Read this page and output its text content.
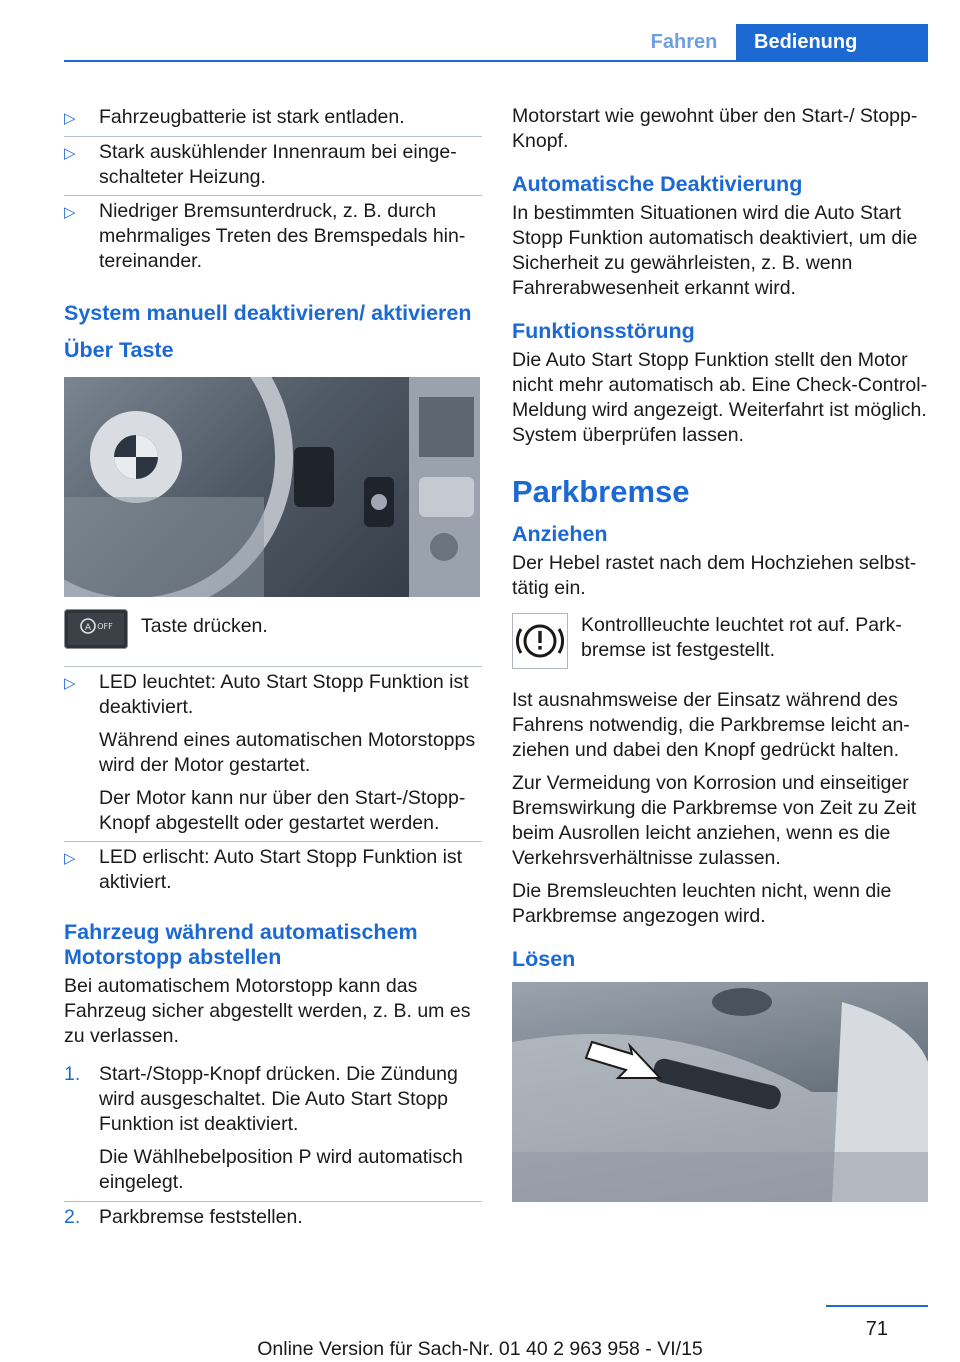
Fahren	Bedienung
▷	Fahrzeugbatterie ist stark entladen.

▷	Stark auskühlender Innenraum bei eingeschalteter Heizung.

▷	Niedriger Bremsunterdruck, z. B. durch mehrmaliges Treten des Bremspedals hintereinander.

System manuell deaktivieren/ aktivieren
Über Taste
A OFF	Taste drücken.
▷	LED leuchtet: Auto Start Stopp Funktion ist deaktiviert.

Während eines automatischen Motorstopps wird der Motor gestartet.

Der Motor kann nur über den Start-/Stopp-Knopf abgestellt oder gestartet werden.

▷	LED erlischt: Auto Start Stopp Funktion ist aktiviert.

Fahrzeug während automatischem Motorstopp abstellen

Bei automatischem Motorstopp kann das Fahrzeug sicher abgestellt werden, z. B. um es zu verlassen.

1. Start-/Stopp-Knopf drücken. Die Zündung wird ausgeschaltet. Die Auto Start Stopp Funktion ist deaktiviert.

Die Wählhebelposition P wird automatisch eingelegt.

2. Parkbremse feststellen.

Motorstart wie gewohnt über den Start-/ Stopp-Knopf.

Automatische Deaktivierung

In bestimmten Situationen wird die Auto Start Stopp Funktion automatisch deaktiviert, um die Sicherheit zu gewährleisten, z. B. wenn Fahrerabwesenheit erkannt wird.

Funktionsstörung

Die Auto Start Stopp Funktion stellt den Motor nicht mehr automatisch ab. Eine Check-Control-Meldung wird angezeigt. Weiterfahrt ist möglich. System überprüfen lassen.

Parkbremse
Anziehen

Der Hebel rastet nach dem Hochziehen selbsttätig ein.

Kontrollleuchte leuchtet rot auf. Parkbremse ist festgestellt.

Ist ausnahmsweise der Einsatz während des Fahrens notwendig, die Parkbremse leicht anziehen und dabei den Knopf gedrückt halten.

Zur Vermeidung von Korrosion und einseitiger Bremswirkung die Parkbremse von Zeit zu Zeit beim Ausrollen leicht anziehen, wenn es die Verkehrsverhältnisse zulassen.

Die Bremsleuchten leuchten nicht, wenn die Parkbremse angezogen wird.

Lösen
71
Online Version für Sach-Nr. 01 40 2 963 958 - VI/15
